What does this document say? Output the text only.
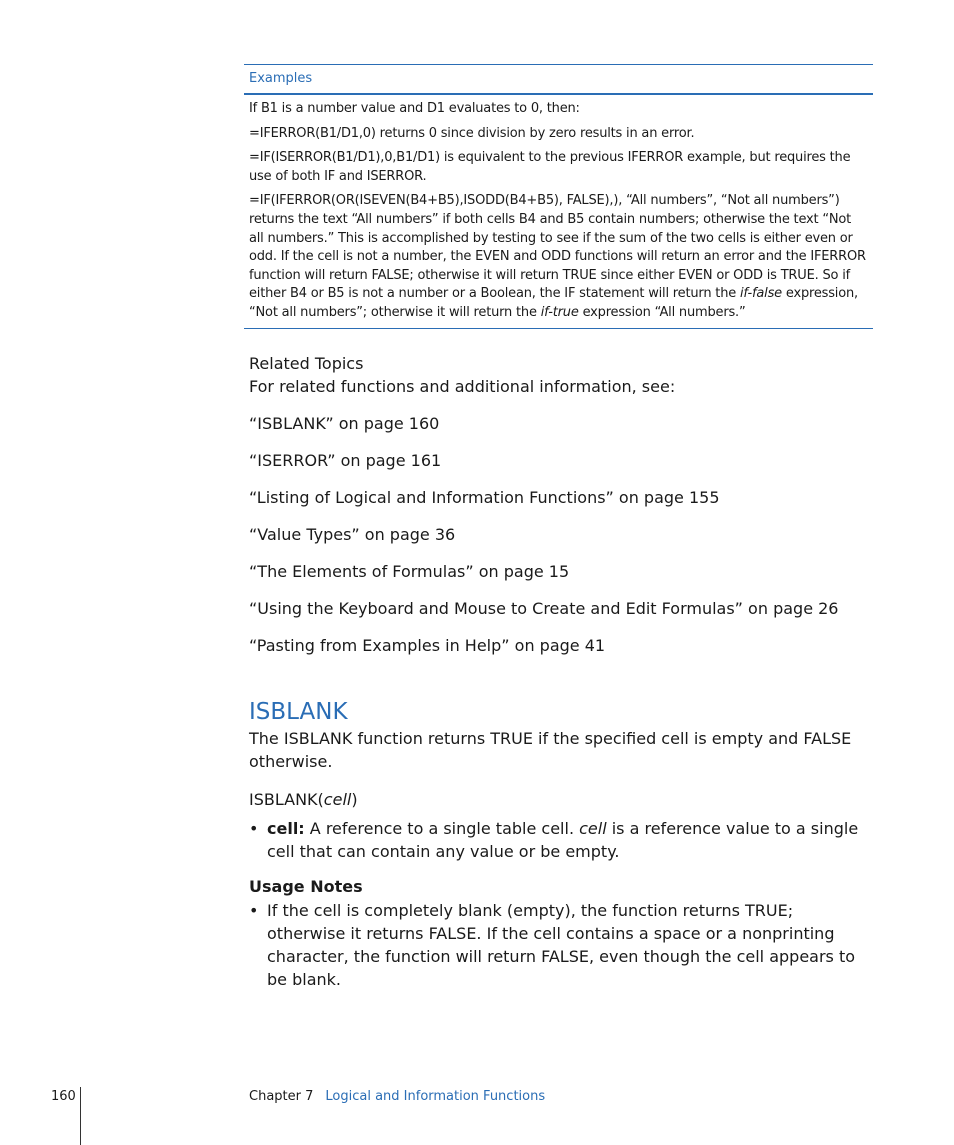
Examples

If B1 is a number value and D1 evaluates to 0, then:

=IFERROR(B1/D1,0) returns 0 since division by zero results in an error.

=IF(ISERROR(B1/D1),0,B1/D1) is equivalent to the previous IFERROR example, but requires the use of both IF and ISERROR.

=IF(IFERROR(OR(ISEVEN(B4+B5),ISODD(B4+B5), FALSE),), “All numbers”, “Not all numbers”) returns the text “All numbers” if both cells B4 and B5 contain numbers; otherwise the text “Not all numbers.” This is accomplished by testing to see if the sum of the two cells is either even or odd. If the cell is not a number, the EVEN and ODD functions will return an error and the IFERROR function will return FALSE; otherwise it will return TRUE since either EVEN or ODD is TRUE. So if either B4 or B5 is not a number or a Boolean, the IF statement will return the if-false expression, “Not all numbers”; otherwise it will return the if-true expression “All numbers.”

Related Topics

For related functions and additional information, see:

“ISBLANK” on page 160
“ISERROR” on page 161
“Listing of Logical and Information Functions” on page 155
“Value Types” on page 36
“The Elements of Formulas” on page 15
“Using the Keyboard and Mouse to Create and Edit Formulas” on page 26
“Pasting from Examples in Help” on page 41
ISBLANK

The ISBLANK function returns TRUE if the specified cell is empty and FALSE otherwise.

ISBLANK(cell)

• cell: A reference to a single table cell. cell is a reference value to a single cell that can contain any value or be empty.
Usage Notes
• If the cell is completely blank (empty), the function returns TRUE; otherwise it returns FALSE. If the cell contains a space or a nonprinting character, the function will return FALSE, even though the cell appears to be blank.
160	Chapter 7 Logical and Information Functions
